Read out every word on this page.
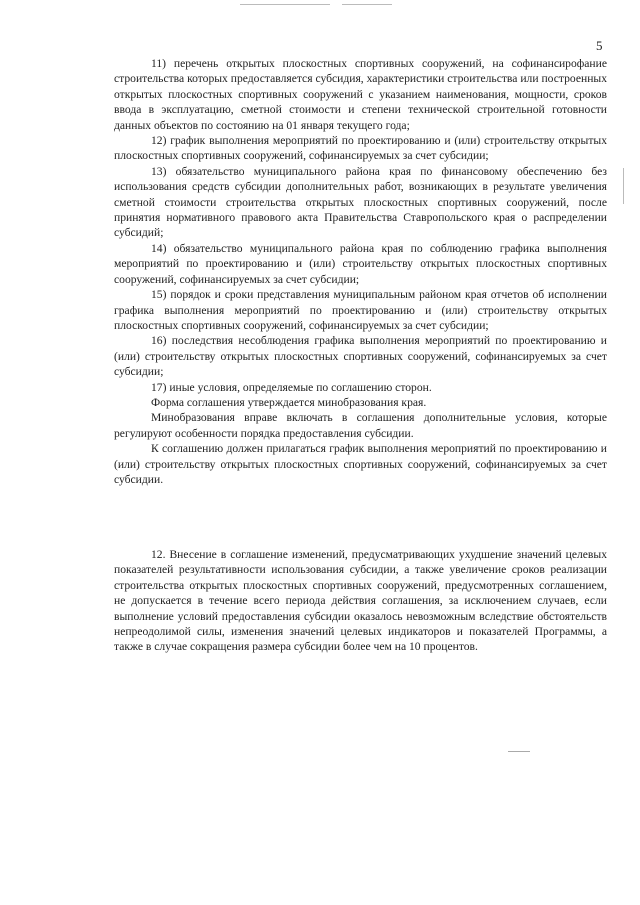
5

11) перечень открытых плоскостных спортивных сооружений, на софинансирофание строительства которых предоставляется субсидия, характеристики строительства или построенных открытых плоскостных спортивных сооружений с указанием наименования, мощности, сроков ввода в эксплуатацию, сметной стоимости и степени технической строительной готовности данных объектов по состоянию на 01 января текущего года;

12) график выполнения мероприятий по проектированию и (или) строительству открытых плоскостных спортивных сооружений, софинансируемых за счет субсидии;

13) обязательство муниципального района края по финансовому обеспечению без использования средств субсидии дополнительных работ, возникающих в результате увеличения сметной стоимости строительства открытых плоскостных спортивных сооружений, после принятия нормативного правового акта Правительства Ставропольского края о распределении субсидий;

14) обязательство муниципального района края по соблюдению графика выполнения мероприятий по проектированию и (или) строительству открытых плоскостных спортивных сооружений, софинансируемых за счет субсидии;

15) порядок и сроки представления муниципальным районом края отчетов об исполнении графика выполнения мероприятий по проектированию и (или) строительству открытых плоскостных спортивных сооружений, софинансируемых за счет субсидии;

16) последствия несоблюдения графика выполнения мероприятий по проектированию и (или) строительству открытых плоскостных спортивных сооружений, софинансируемых за счет субсидии;

17) иные условия, определяемые по соглашению сторон.

Форма соглашения утверждается минобразования края.

Минобразования вправе включать в соглашения дополнительные условия, которые регулируют особенности порядка предоставления субсидии.

К соглашению должен прилагаться график выполнения мероприятий по проектированию и (или) строительству открытых плоскостных спортивных сооружений, софинансируемых за счет субсидии.

12. Внесение в соглашение изменений, предусматривающих ухудшение значений целевых показателей результативности использования субсидии, а также увеличение сроков реализации строительства открытых плоскостных спортивных сооружений, предусмотренных соглашением, не допускается в течение всего периода действия соглашения, за исключением случаев, если выполнение условий предоставления субсидии оказалось невозможным вследствие обстоятельств непреодолимой силы, изменения значений целевых индикаторов и показателей Программы, а также в случае сокращения размера субсидии более чем на 10 процентов.
